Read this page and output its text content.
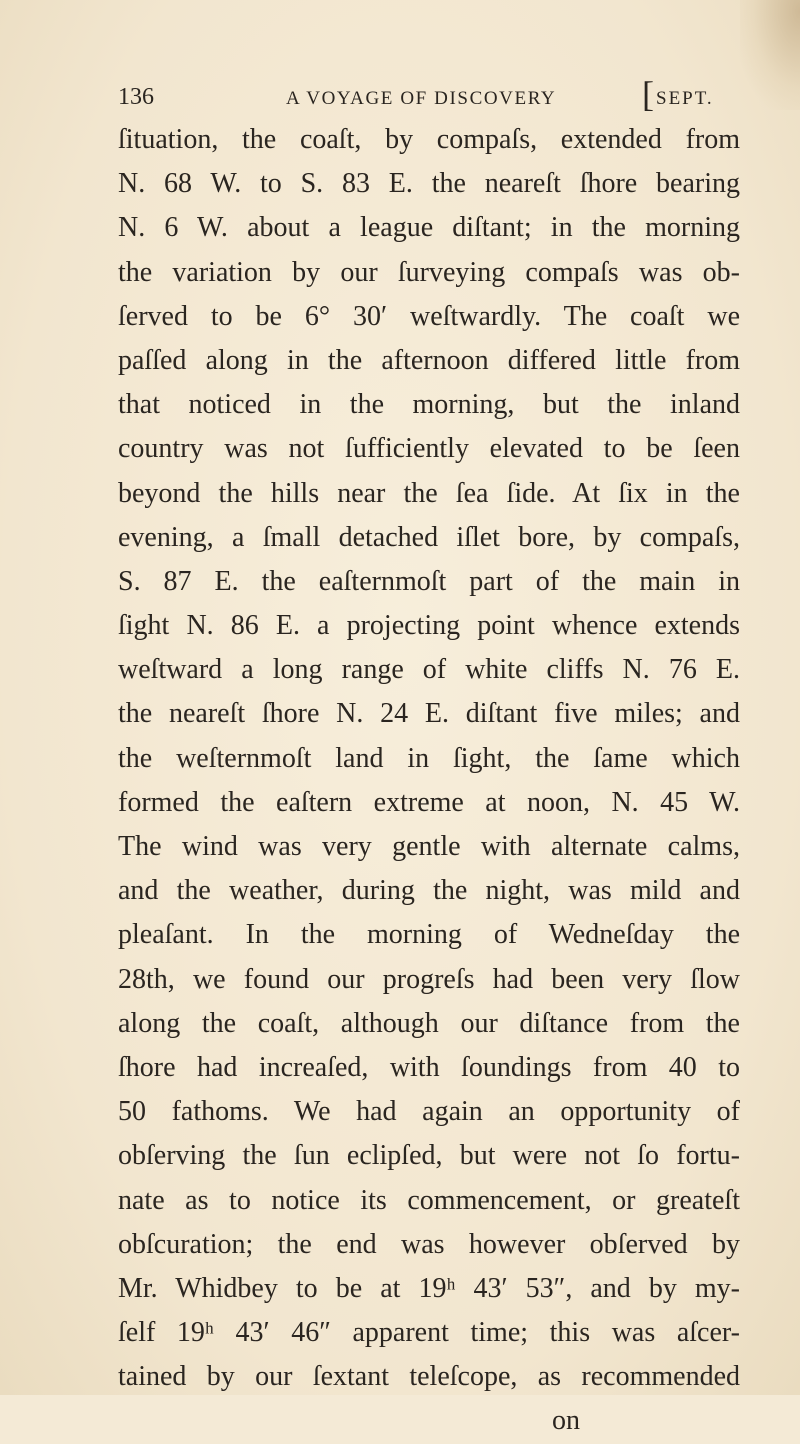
136	A VOYAGE OF DISCOVERY [ SEPT.
ſituation, the coaſt, by compaſs, extended from
N. 68 W. to S. 83 E. the neareſt ſhore bearing
N. 6 W. about a league diſtant; in the morning
the variation by our ſurveying compaſs was ob-
ſerved to be 6° 30′ weſtwardly. The coaſt we
paſſed along in the afternoon differed little from
that noticed in the morning, but the inland
country was not ſufficiently elevated to be ſeen
beyond the hills near the ſea ſide. At ſix in the
evening, a ſmall detached iſlet bore, by compaſs,
S. 87 E. the eaſternmoſt part of the main in
ſight N. 86 E. a projecting point whence extends
weſtward a long range of white cliffs N. 76 E.
the neareſt ſhore N. 24 E. diſtant five miles; and
the weſternmoſt land in ſight, the ſame which
formed the eaſtern extreme at noon, N. 45 W.
The wind was very gentle with alternate calms,
and the weather, during the night, was mild and
pleaſant. In the morning of Wedneſday the
28th, we found our progreſs had been very ſlow
along the coaſt, although our diſtance from the
ſhore had increaſed, with ſoundings from 40 to
50 fathoms. We had again an opportunity of
obſerving the ſun eclipſed, but were not ſo fortu-
nate as to notice its commencement, or greateſt
obſcuration; the end was however obſerved by
Mr. Whidbey to be at 19ʰ 43′ 53″, and by my-
ſelf 19ʰ 43′ 46″ apparent time; this was aſcer-
tained by our ſextant teleſcope, as recommended
on
